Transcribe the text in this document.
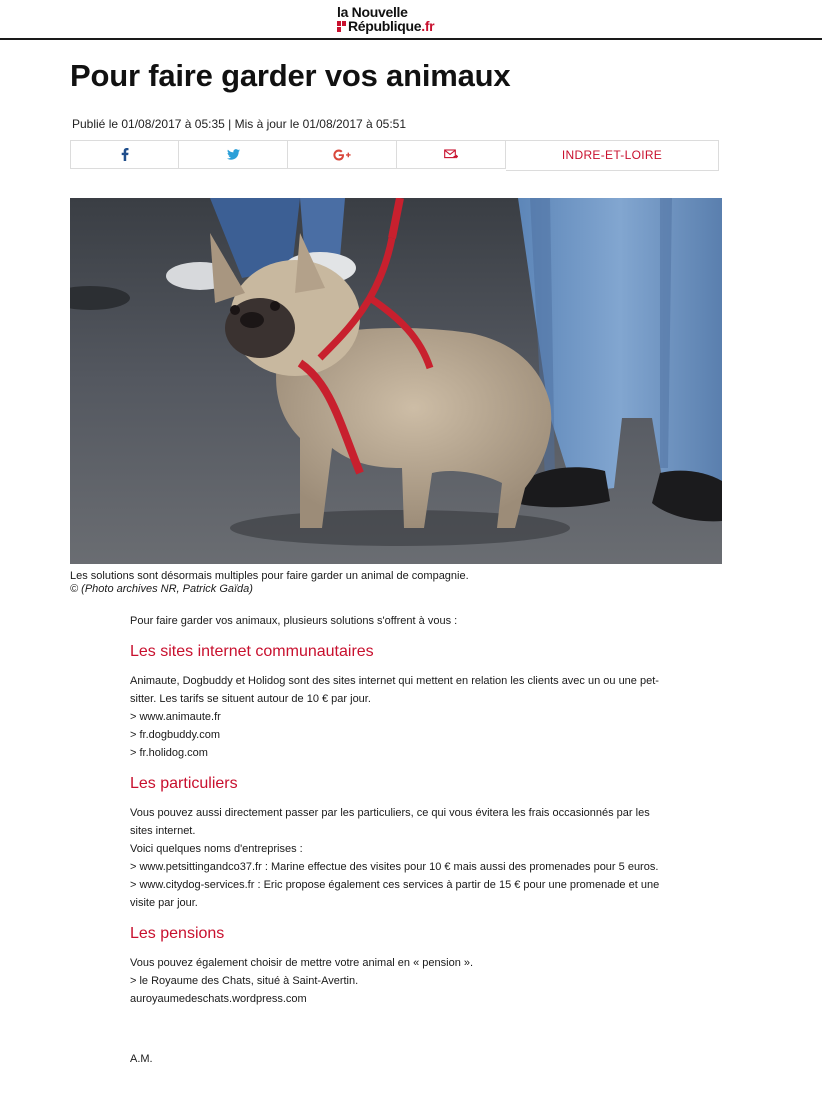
la Nouvelle
République .fr
Pour faire garder vos animaux
Publié le 01/08/2017 à 05:35 | Mis à jour le 01/08/2017 à 05:51
INDRE-ET-LOIRE
Les solutions sont désormais multiples pour faire garder un animal de compagnie.
© (Photo archives NR, Patrick Gaïda)

Pour faire garder vos animaux, plusieurs solutions s'offrent à vous :

Les sites internet communautaires

Animaute, Dogbuddy et Holidog sont des sites internet qui mettent en relation les clients avec un ou une pet-sitter. Les tarifs se situent autour de 10 € par jour.

> www.animaute.fr

> fr.dogbuddy.com

> fr.holidog.com

Les particuliers

Vous pouvez aussi directement passer par les particuliers, ce qui vous évitera les frais occasionnés par les sites internet.

Voici quelques noms d'entreprises :

> www.petsittingandco37.fr : Marine effectue des visites pour 10 € mais aussi des promenades pour 5 euros.

> www.citydog-services.fr : Eric propose également ces services à partir de 15 € pour une promenade et une visite par jour.

Les pensions

Vous pouvez également choisir de mettre votre animal en « pension ».

> le Royaume des Chats, situé à Saint-Avertin.

auroyaumedeschats.wordpress.com

A.M.
